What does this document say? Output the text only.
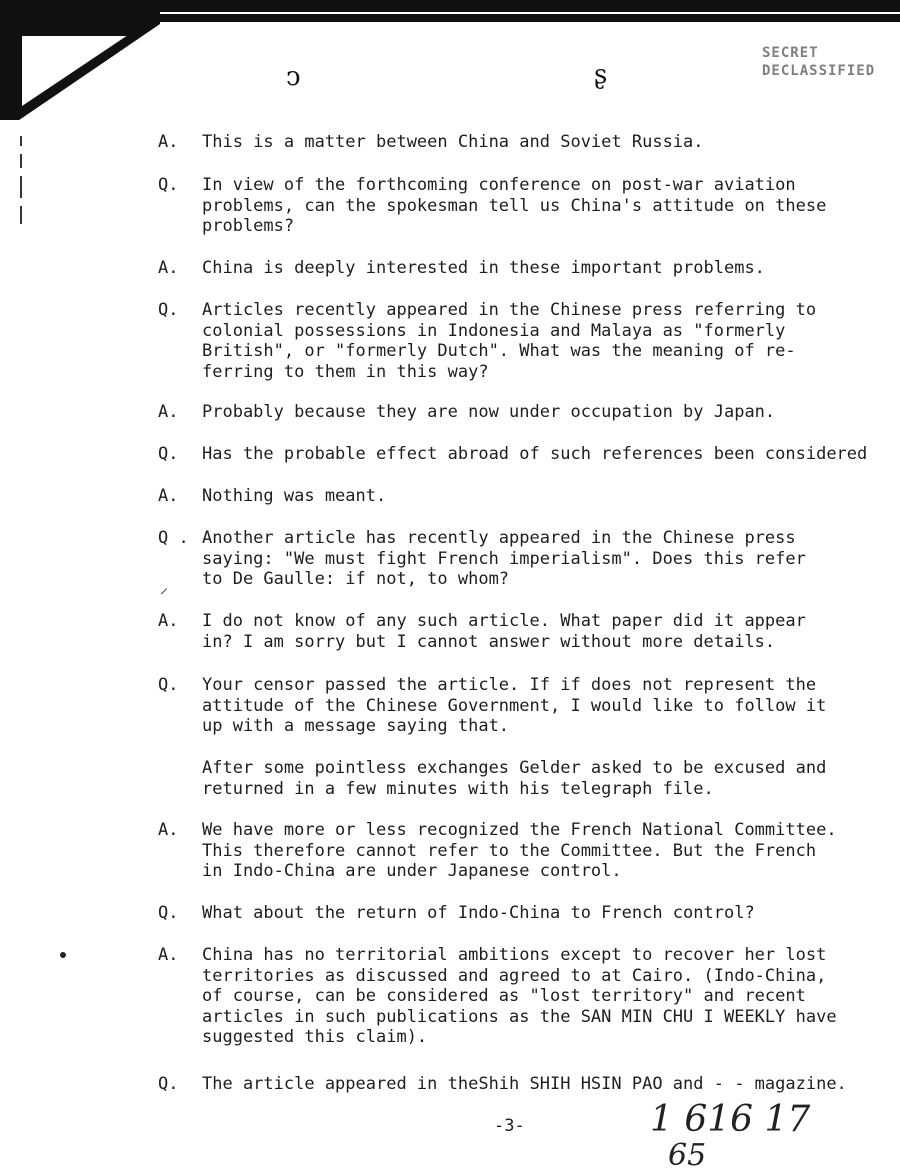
ↄ	ʂ
SECRET
DECLASSIFIED
A. This is a matter between China and Soviet Russia.
Q. In view of the forthcoming conference on post-war aviation
problems, can the spokesman tell us China's attitude on these
problems?
A. China is deeply interested in these important problems.
Q. Articles recently appeared in the Chinese press referring to
colonial possessions in Indonesia and Malaya as "formerly
British", or "formerly Dutch". What was the meaning of re-
ferring to them in this way?
A. Probably because they are now under occupation by Japan.
Q. Has the probable effect abroad of such references been considered
A. Nothing was meant.
Q . Another article has recently appeared in the Chinese press
saying: "We must fight French imperialism". Does this refer
to De Gaulle: if not, to whom?
A. I do not know of any such article. What paper did it appear
in? I am sorry but I cannot answer without more details.
Q. Your censor passed the article. If if does not represent the
attitude of the Chinese Government, I would like to follow it
up with a message saying that.
After some pointless exchanges Gelder asked to be excused and
returned in a few minutes with his telegraph file.
A. We have more or less recognized the French National Committee.
This therefore cannot refer to the Committee. But the French
in Indo-China are under Japanese control.
Q. What about the return of Indo-China to French control?
A. China has no territorial ambitions except to recover her lost
territories as discussed and agreed to at Cairo. (Indo-China,
of course, can be considered as "lost territory" and recent
articles in such publications as the SAN MIN CHU I WEEKLY have
suggested this claim).
Q. The article appeared in theShih SHIH HSIN PAO and - - magazine.
⸝
-3-	1 616 17
65
